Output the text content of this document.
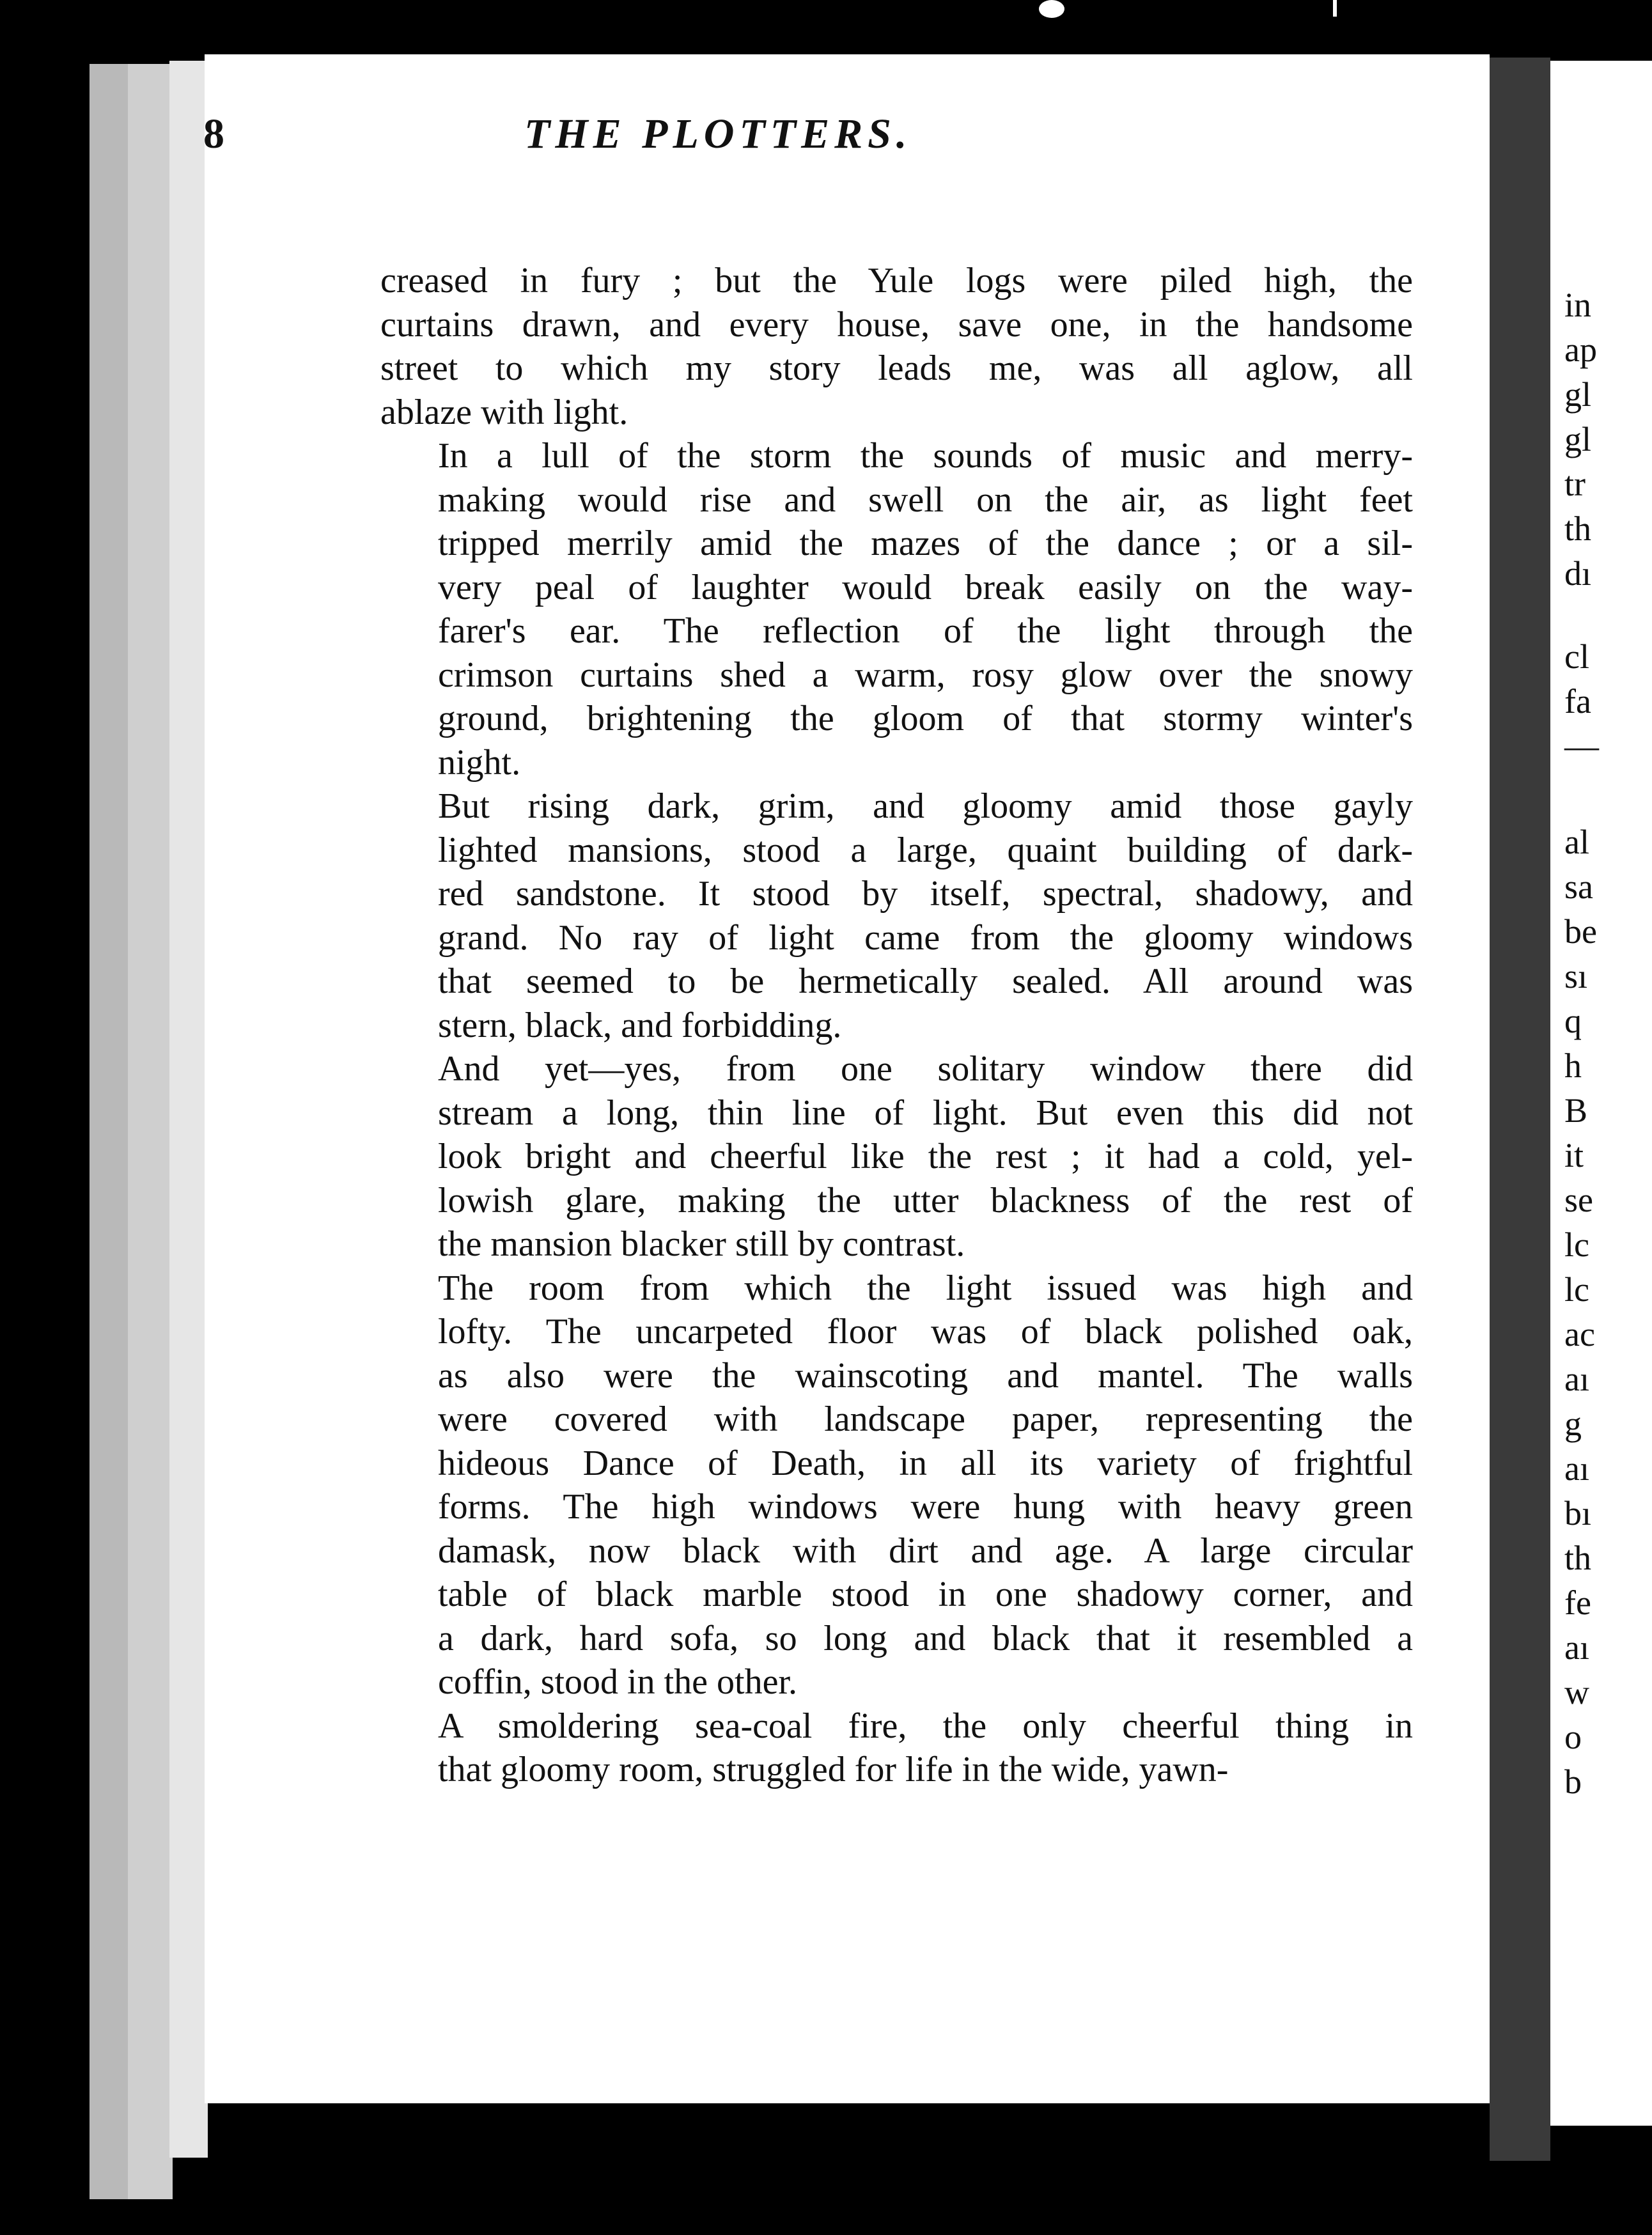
8	THE PLOTTERS.

creased in fury ; but the Yule logs were piled high, the
curtains drawn, and every house, save one, in the handsome
street to which my story leads me, was all aglow, all
ablaze with light.

In a lull of the storm the sounds of music and merry-
making would rise and swell on the air, as light feet
tripped merrily amid the mazes of the dance ; or a sil-
very peal of laughter would break easily on the way-
farer's ear. The reflection of the light through the
crimson curtains shed a warm, rosy glow over the snowy
ground, brightening the gloom of that stormy winter's
night.

But rising dark, grim, and gloomy amid those gayly
lighted mansions, stood a large, quaint building of dark-
red sandstone. It stood by itself, spectral, shadowy, and
grand. No ray of light came from the gloomy windows
that seemed to be hermetically sealed. All around was
stern, black, and forbidding.

And yet—yes, from one solitary window there did
stream a long, thin line of light. But even this did not
look bright and cheerful like the rest ; it had a cold, yel-
lowish glare, making the utter blackness of the rest of
the mansion blacker still by contrast.

The room from which the light issued was high and
lofty. The uncarpeted floor was of black polished oak,
as also were the wainscoting and mantel. The walls
were covered with landscape paper, representing the
hideous Dance of Death, in all its variety of frightful
forms. The high windows were hung with heavy green
damask, now black with dirt and age. A large circular
table of black marble stood in one shadowy corner, and
a dark, hard sofa, so long and black that it resembled a
coffin, stood in the other.

A smoldering sea-coal fire, the only cheerful thing in
that gloomy room, struggled for life in the wide, yawn-

in
ap
gl
gl
tr
th
dı
cl
fa
—
al
sa
be
sı
q
h
B
it
se
lc
lc
ac
aı
g
aı
bı
th
fe
aı
w
o
b
